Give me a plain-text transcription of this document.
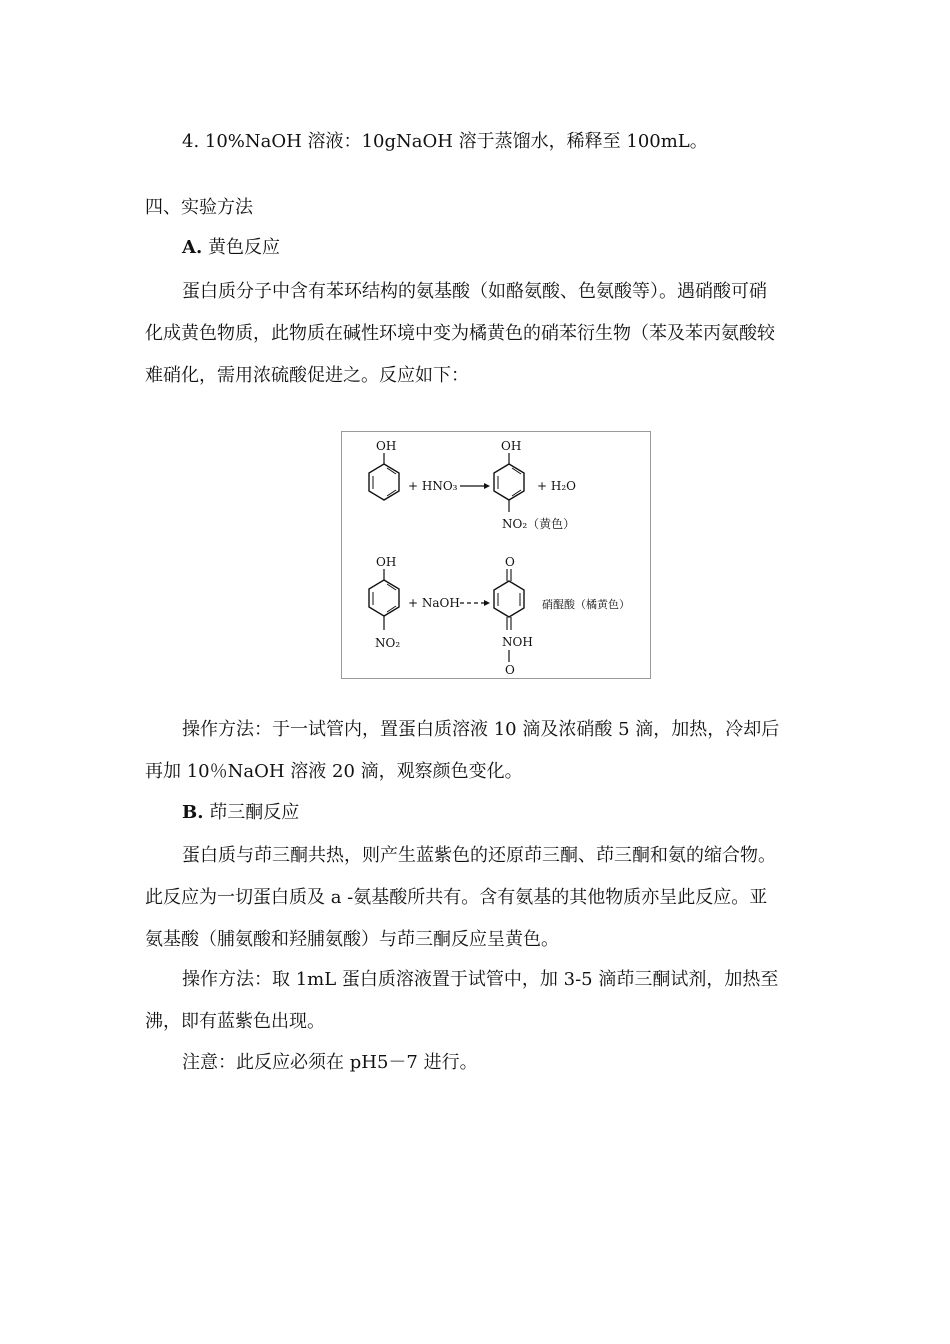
4. 10%NaOH 溶液：10gNaOH 溶于蒸馏水，稀释至 100mL。
四、实验方法
A. 黄色反应
蛋白质分子中含有苯环结构的氨基酸（如酪氨酸、色氨酸等）。遇硝酸可硝
化成黄色物质，此物质在碱性环境中变为橘黄色的硝苯衍生物（苯及苯丙氨酸较
难硝化，需用浓硫酸促进之。反应如下：
OH
+ HNO₃
OH
+ H₂O
NO₂（黄色）
OH
NO₂
+ NaOH
O
硝醌酸（橘黄色）
NOH
O
操作方法：于一试管内，置蛋白质溶液 10 滴及浓硝酸 5 滴，加热，冷却后
再加 10％NaOH 溶液 20 滴，观察颜色变化。
B. 茚三酮反应
蛋白质与茚三酮共热，则产生蓝紫色的还原茚三酮、茚三酮和氨的缩合物。
此反应为一切蛋白质及 a -氨基酸所共有。含有氨基的其他物质亦呈此反应。亚
氨基酸（脯氨酸和羟脯氨酸）与茚三酮反应呈黄色。
操作方法：取 1mL 蛋白质溶液置于试管中，加 3-5 滴茚三酮试剂，加热至
沸，即有蓝紫色出现。
注意：此反应必须在 pH5－7 进行。
